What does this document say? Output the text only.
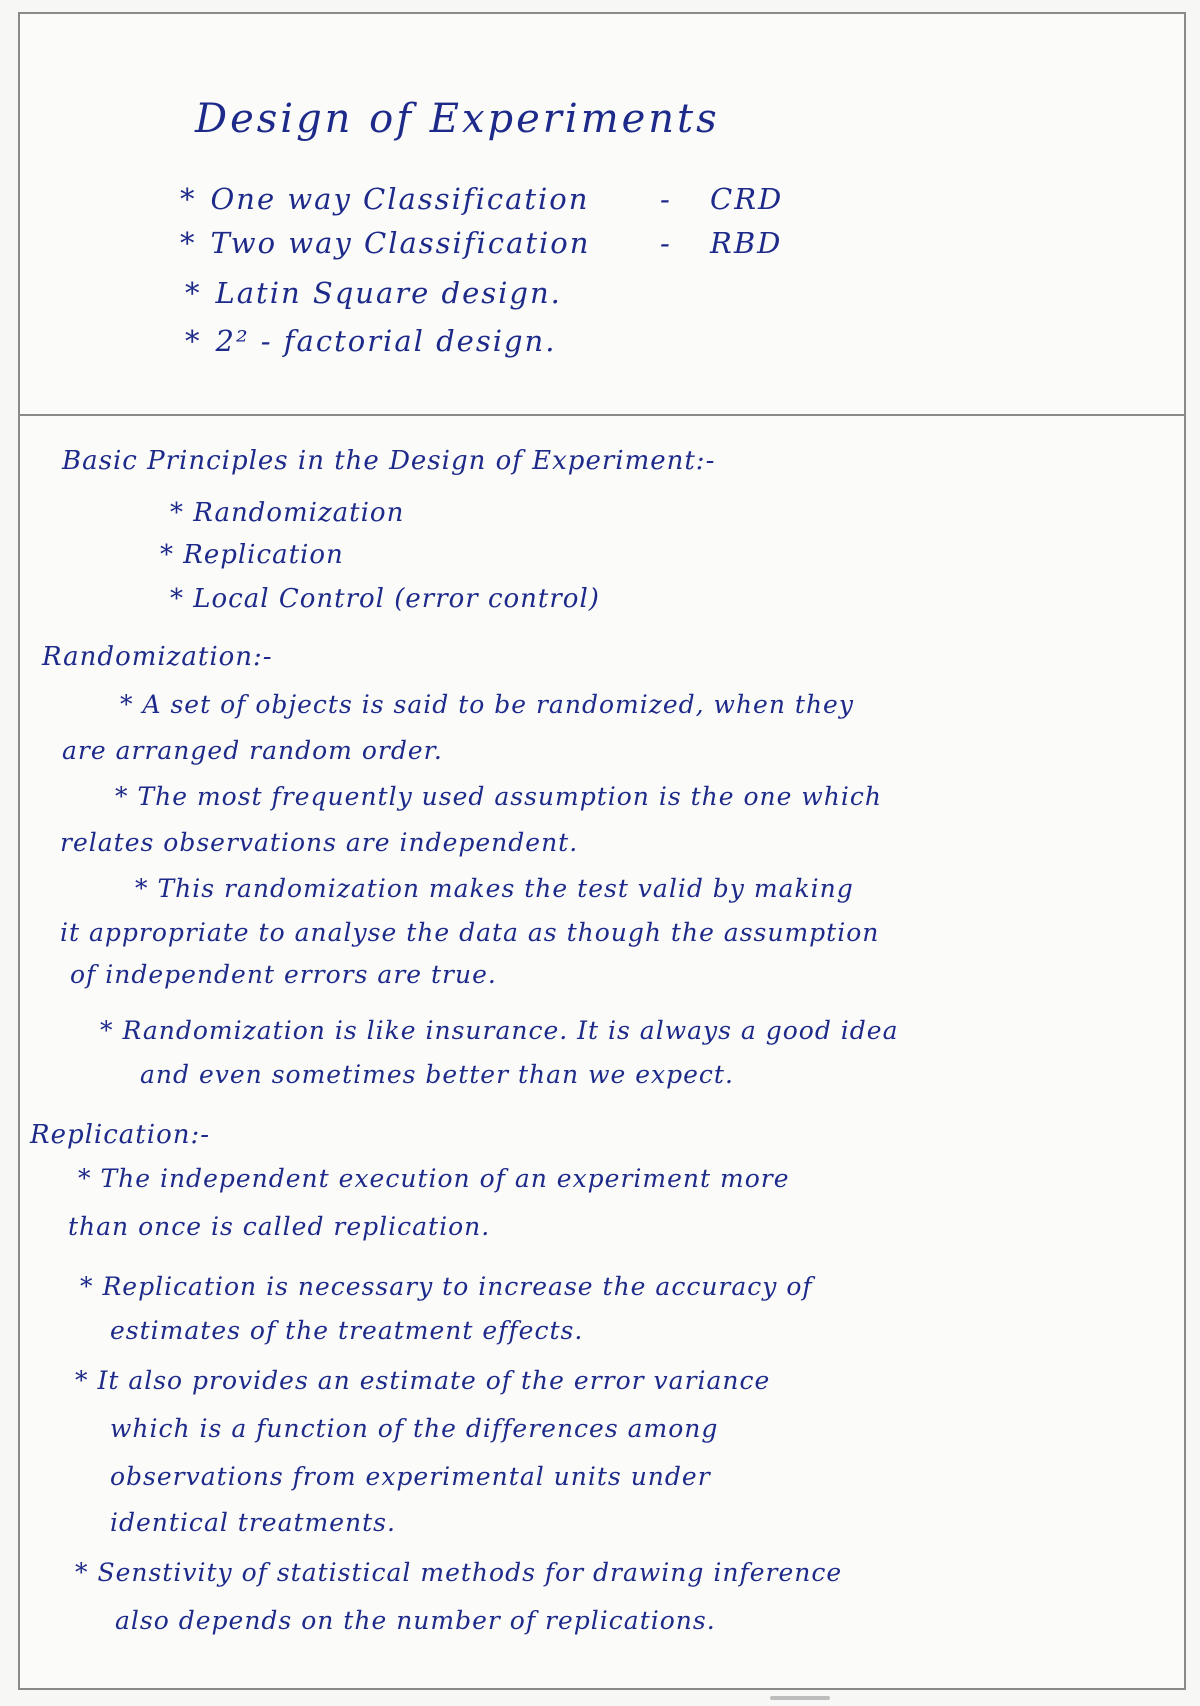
Design of Experiments
* One way Classification - CRD
* Two way Classification - RBD
* Latin Square design.
* 2² - factorial design.
Basic Principles in the Design of Experiment:-
* Randomization
* Replication
* Local Control (error control)
Randomization:-
* A set of objects is said to be randomized, when they
are arranged random order.
* The most frequently used assumption is the one which
relates observations are independent.
* This randomization makes the test valid by making
it appropriate to analyse the data as though the assumption
of independent errors are true.
* Randomization is like insurance. It is always a good idea
and even sometimes better than we expect.
Replication:-
* The independent execution of an experiment more
than once is called replication.
* Replication is necessary to increase the accuracy of
estimates of the treatment effects.
* It also provides an estimate of the error variance
which is a function of the differences among
observations from experimental units under
identical treatments.
* Senstivity of statistical methods for drawing inference
also depends on the number of replications.
